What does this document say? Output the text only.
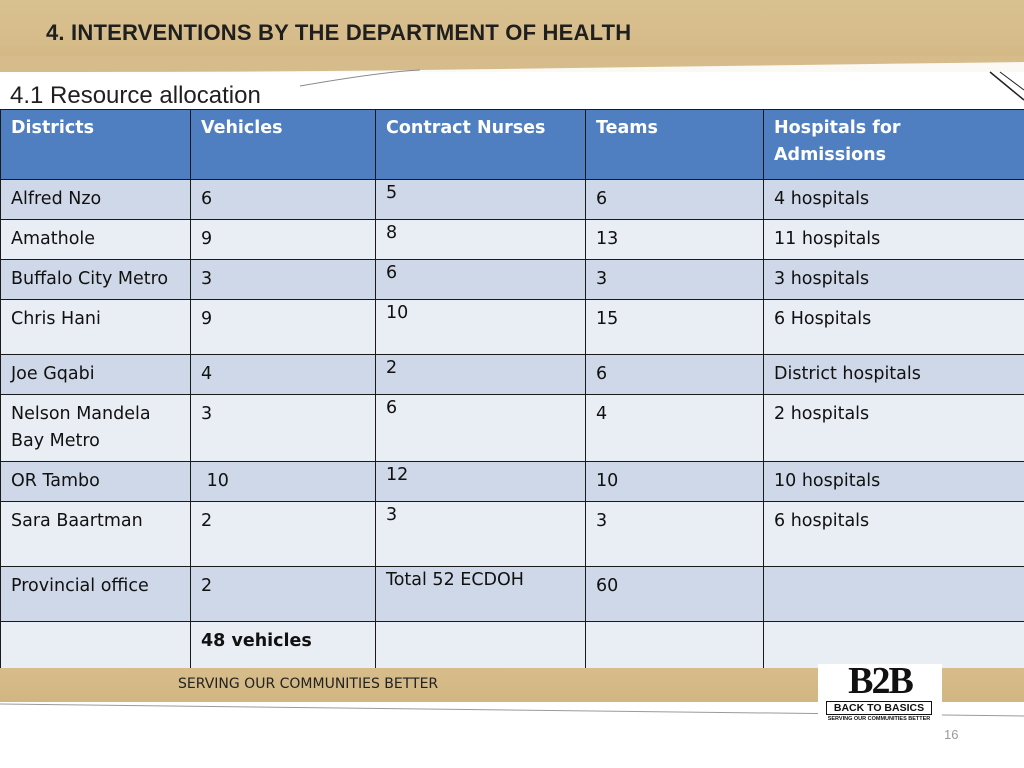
4. INTERVENTIONS BY THE DEPARTMENT OF HEALTH
4.1 Resource allocation
Districts	Vehicles	Contract Nurses	Teams	Hospitals for Admissions
Alfred Nzo	6	5	6	4 hospitals
Amathole	9	8	13	11 hospitals
Buffalo City Metro	3	6	3	3 hospitals
Chris Hani	9	10	15	6 Hospitals
Joe Gqabi	4	2	6	District hospitals
Nelson Mandela Bay Metro	3	6	4	2 hospitals
OR Tambo	10	12	10	10 hospitals
Sara Baartman	2	3	3	6 hospitals
Provincial office	2	Total 52 ECDOH	60	
	48 vehicles			
SERVING OUR COMMUNITIES BETTER	B2B
BACK TO BASICS
SERVING OUR COMMUNITIES BETTER
16
